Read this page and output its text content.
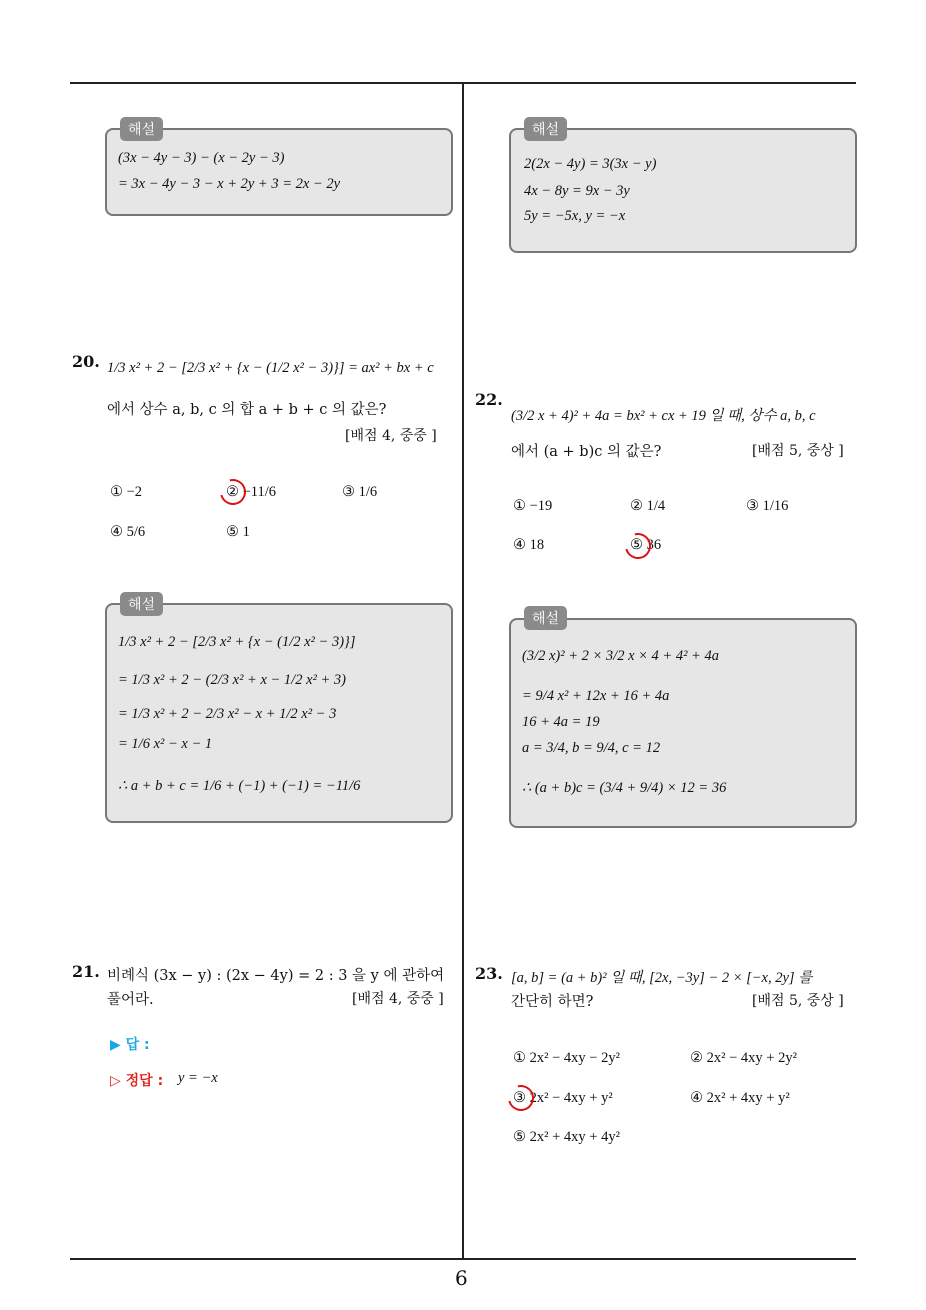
6
해설
(3x − 4y − 3) − (x − 2y − 3)
= 3x − 4y − 3 − x + 2y + 3 = 2x − 2y
20. 1/3 x² + 2 − [2/3 x² + {x − (1/2 x² − 3)}] = ax² + bx + c
에서 상수 a, b, c 의 합 a + b + c 의 값은?
[배점 4, 중중 ]
① −2	② −11/6	③ 1/6
④ 5/6	⑤ 1
해설
1/3 x² + 2 − [2/3 x² + {x − (1/2 x² − 3)}]
= 1/3 x² + 2 − (2/3 x² + x − 1/2 x² + 3)
= 1/3 x² + 2 − 2/3 x² − x + 1/2 x² − 3
= 1/6 x² − x − 1
∴ a + b + c = 1/6 + (−1) + (−1) = −11/6
21. 비례식 (3x − y) : (2x − 4y) = 2 : 3 을 y 에 관하여
풀어라.	[배점 4, 중중 ]
▶ 답 :
▷ 정답 : y = −x
해설
2(2x − 4y) = 3(3x − y)
4x − 8y = 9x − 3y
5y = −5x, y = −x
22.
(3/2 x + 4)² + 4a = bx² + cx + 19 일 때, 상수 a, b, c
에서 (a + b)c 의 값은?	[배점 5, 중상 ]
① −19	② 1/4	③ 1/16
④ 18	⑤ 36
해설
(3/2 x)² + 2 × 3/2 x × 4 + 4² + 4a
= 9/4 x² + 12x + 16 + 4a
16 + 4a = 19
a = 3/4, b = 9/4, c = 12
∴ (a + b)c = (3/4 + 9/4) × 12 = 36
23. [a, b] = (a + b)² 일 때, [2x, −3y] − 2 × [−x, 2y] 를
간단히 하면?	[배점 5, 중상 ]
① 2x² − 4xy − 2y²	② 2x² − 4xy + 2y²
③ 2x² − 4xy + y²	④ 2x² + 4xy + y²
⑤ 2x² + 4xy + 4y²
